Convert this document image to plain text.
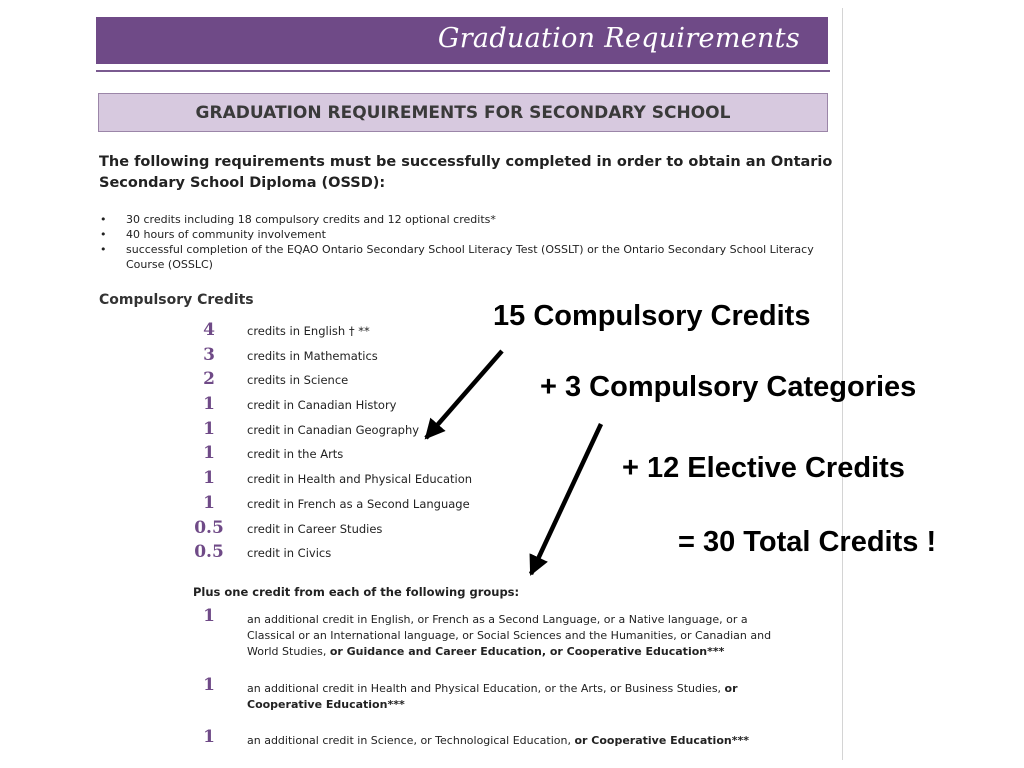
Graduation Requirements
GRADUATION REQUIREMENTS FOR SECONDARY SCHOOL
The following requirements must be successfully completed in order to obtain an Ontario Secondary School Diploma (OSSD):
• 30 credits including 18 compulsory credits and 12 optional credits*
• 40 hours of community involvement
• successful completion of the EQAO Ontario Secondary School Literacy Test (OSSLT) or the Ontario Secondary School Literacy Course (OSSLC)
Compulsory Credits
4	credits in English † **
3	credits in Mathematics
2	credits in Science
1	credit in Canadian History
1	credit in Canadian Geography
1	credit in the Arts
1	credit in Health and Physical Education
1	credit in French as a Second Language
0.5	credit in Career Studies
0.5	credit in Civics
Plus one credit from each of the following groups:
1	an additional credit in English, or French as a Second Language, or a Native language, or a Classical or an International language, or Social Sciences and the Humanities, or Canadian and World Studies, or Guidance and Career Education, or Cooperative Education***
1	an additional credit in Health and Physical Education, or the Arts, or Business Studies, or Cooperative Education***
1	an additional credit in Science, or Technological Education, or Cooperative Education***
15 Compulsory Credits
+ 3 Compulsory Categories
+ 12 Elective Credits
= 30 Total Credits !
